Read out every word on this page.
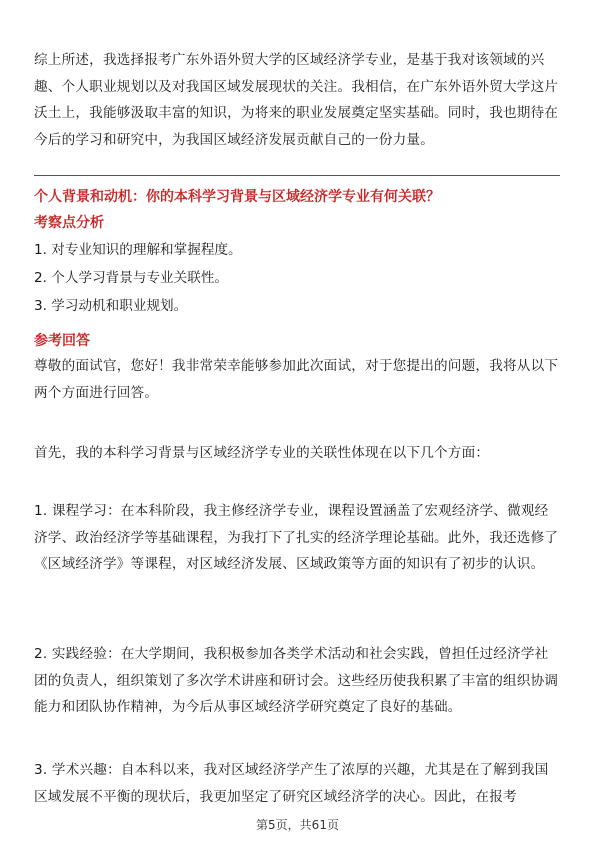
综上所述，我选择报考广东外语外贸大学的区域经济学专业，是基于我对该领域的兴趣、个人职业规划以及对我国区域发展现状的关注。我相信，在广东外语外贸大学这片沃土上，我能够汲取丰富的知识，为将来的职业发展奠定坚实基础。同时，我也期待在今后的学习和研究中，为我国区域经济发展贡献自己的一份力量。

个人背景和动机：你的本科学习背景与区域经济学专业有何关联？

考察点分析

1. 对专业知识的理解和掌握程度。

2. 个人学习背景与专业关联性。

3. 学习动机和职业规划。

参考回答

尊敬的面试官，您好！我非常荣幸能够参加此次面试，对于您提出的问题，我将从以下两个方面进行回答。

首先，我的本科学习背景与区域经济学专业的关联性体现在以下几个方面：

1. 课程学习：在本科阶段，我主修经济学专业，课程设置涵盖了宏观经济学、微观经济学、政治经济学等基础课程，为我打下了扎实的经济学理论基础。此外，我还选修了《区域经济学》等课程，对区域经济发展、区域政策等方面的知识有了初步的认识。

2. 实践经验：在大学期间，我积极参加各类学术活动和社会实践，曾担任过经济学社团的负责人，组织策划了多次学术讲座和研讨会。这些经历使我积累了丰富的组织协调能力和团队协作精神，为今后从事区域经济学研究奠定了良好的基础。

3. 学术兴趣：自本科以来，我对区域经济学产生了浓厚的兴趣，尤其是在了解到我国区域发展不平衡的现状后，我更加坚定了研究区域经济学的决心。因此，在报考

第5页，共61页
